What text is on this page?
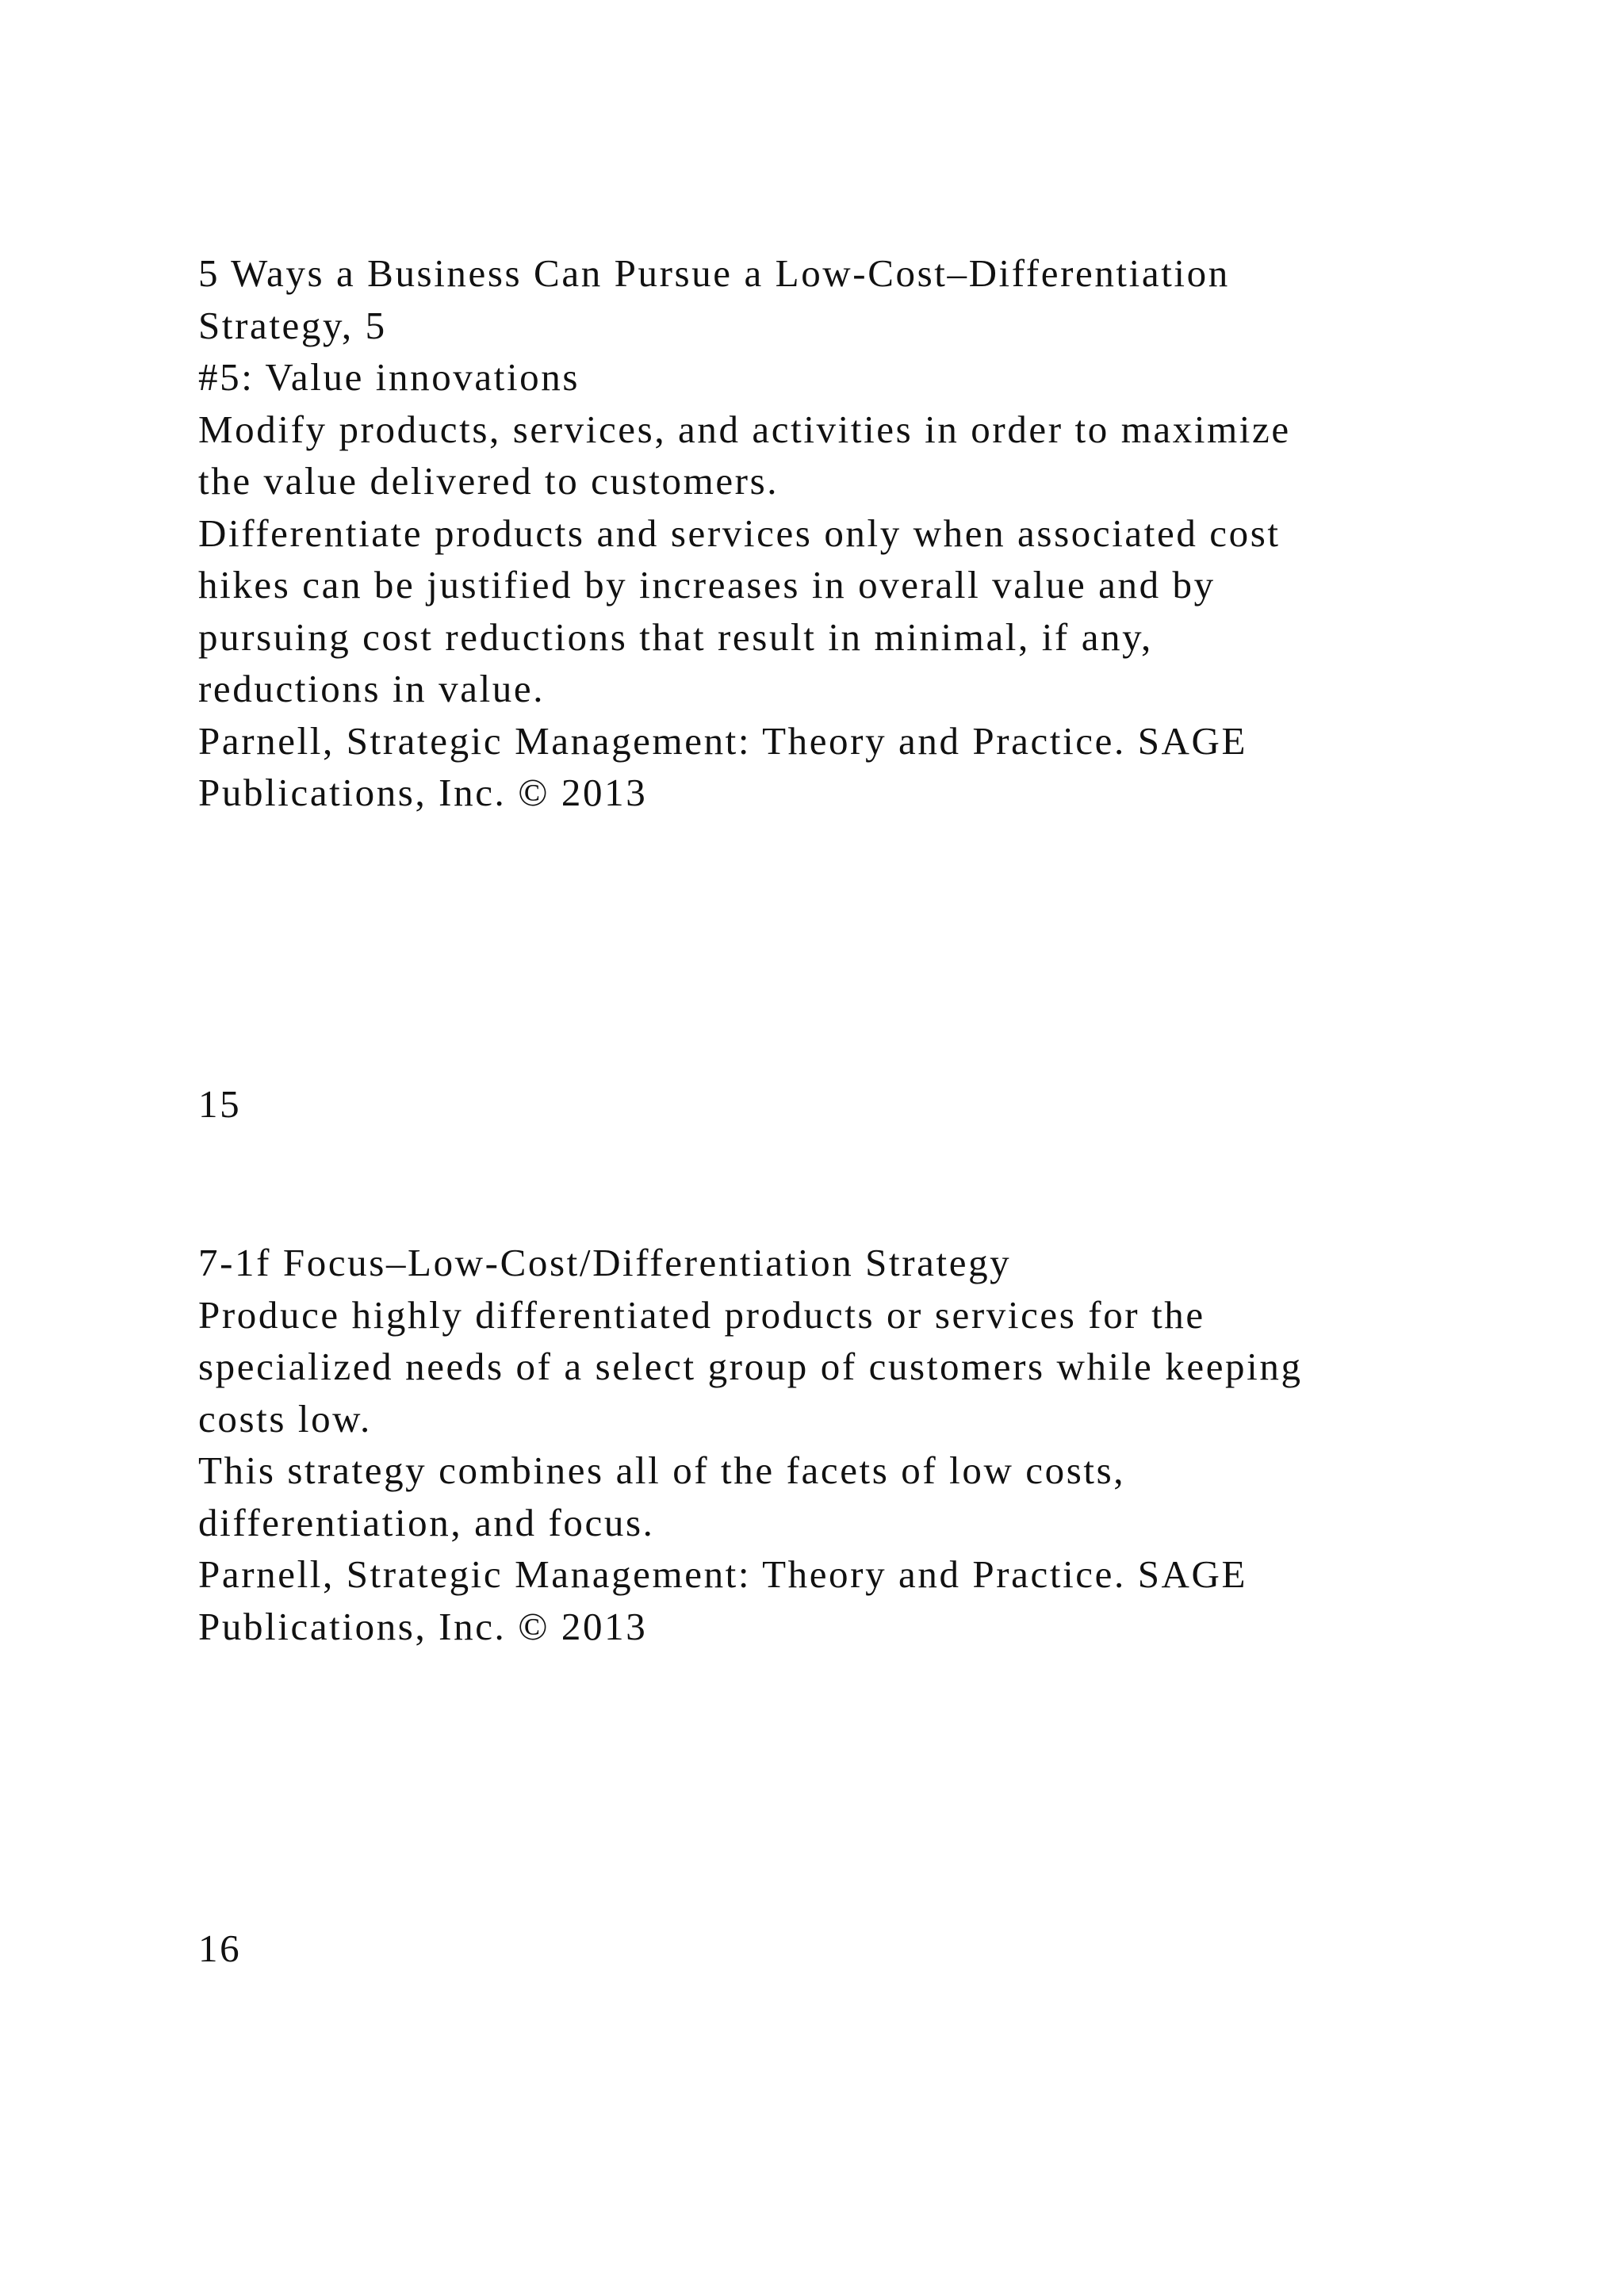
5 Ways a Business Can Pursue a Low-Cost–Differentiation
Strategy, 5
#5: Value innovations
Modify products, services, and activities in order to maximize
the value delivered to customers.
Differentiate products and services only when associated cost
hikes can be justified by increases in overall value and by
pursuing cost reductions that result in minimal, if any,
reductions in value.
Parnell, Strategic Management: Theory and Practice. SAGE
Publications, Inc. © 2013
15
7-1f Focus–Low-Cost/Differentiation Strategy
Produce highly differentiated products or services for the
specialized needs of a select group of customers while keeping
costs low.
This strategy combines all of the facets of low costs,
differentiation, and focus.
Parnell, Strategic Management: Theory and Practice. SAGE
Publications, Inc. © 2013
16
